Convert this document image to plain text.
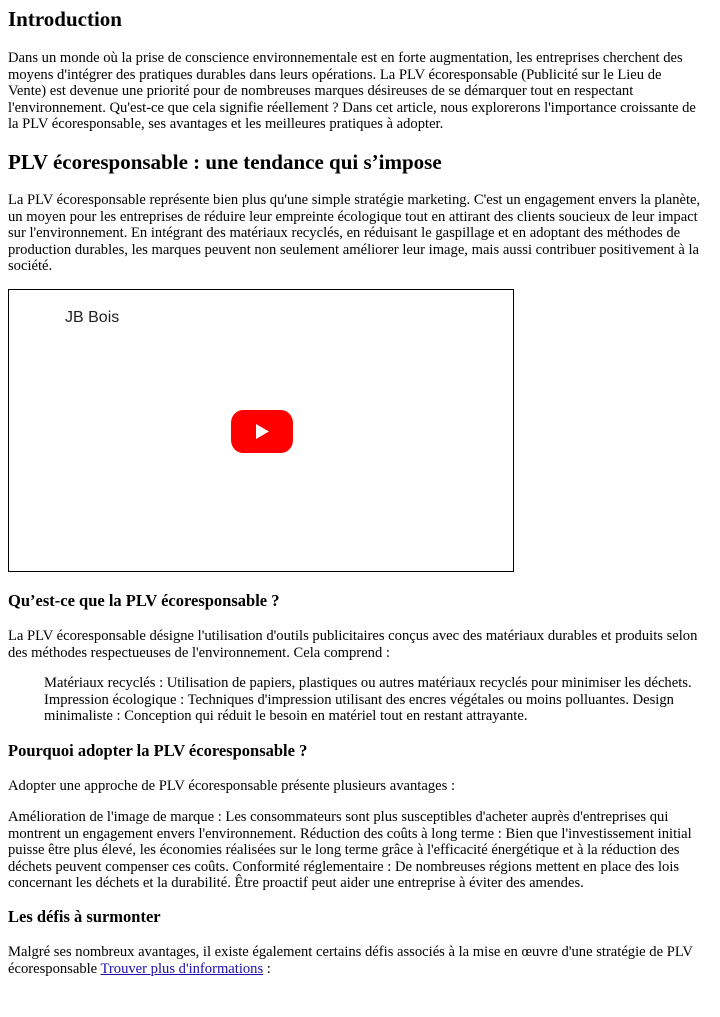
Introduction

Dans un monde où la prise de conscience environnementale est en forte augmentation, les entreprises cherchent des moyens d'intégrer des pratiques durables dans leurs opérations. La PLV écoresponsable (Publicité sur le Lieu de Vente) est devenue une priorité pour de nombreuses marques désireuses de se démarquer tout en respectant l'environnement. Qu'est-ce que cela signifie réellement ? Dans cet article, nous explorerons l'importance croissante de la PLV écoresponsable, ses avantages et les meilleures pratiques à adopter.

PLV écoresponsable : une tendance qui s’impose

La PLV écoresponsable représente bien plus qu'une simple stratégie marketing. C'est un engagement envers la planète, un moyen pour les entreprises de réduire leur empreinte écologique tout en attirant des clients soucieux de leur impact sur l'environnement. En intégrant des matériaux recyclés, en réduisant le gaspillage et en adoptant des méthodes de production durables, les marques peuvent non seulement améliorer leur image, mais aussi contribuer positivement à la société.

JB Bois
Qu’est-ce que la PLV écoresponsable ?

La PLV écoresponsable désigne l'utilisation d'outils publicitaires conçus avec des matériaux durables et produits selon des méthodes respectueuses de l'environnement. Cela comprend :

Matériaux recyclés : Utilisation de papiers, plastiques ou autres matériaux recyclés pour minimiser les déchets. Impression écologique : Techniques d'impression utilisant des encres végétales ou moins polluantes. Design minimaliste : Conception qui réduit le besoin en matériel tout en restant attrayante.
Pourquoi adopter la PLV écoresponsable ?

Adopter une approche de PLV écoresponsable présente plusieurs avantages :

Amélioration de l'image de marque : Les consommateurs sont plus susceptibles d'acheter auprès d'entreprises qui montrent un engagement envers l'environnement. Réduction des coûts à long terme : Bien que l'investissement initial puisse être plus élevé, les économies réalisées sur le long terme grâce à l'efficacité énergétique et à la réduction des déchets peuvent compenser ces coûts. Conformité réglementaire : De nombreuses régions mettent en place des lois concernant les déchets et la durabilité. Être proactif peut aider une entreprise à éviter des amendes.

Les défis à surmonter

Malgré ses nombreux avantages, il existe également certains défis associés à la mise en œuvre d'une stratégie de PLV écoresponsable Trouver plus d'informations :
